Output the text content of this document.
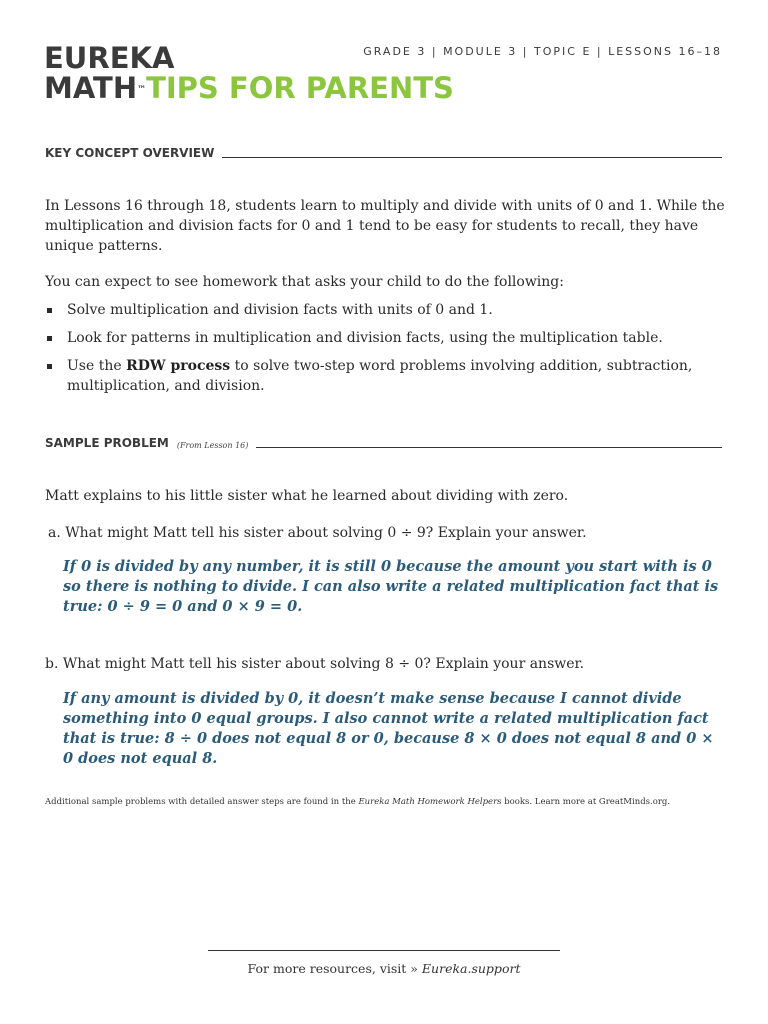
EUREKA
MATH™TIPS FOR PARENTS
GRADE 3 | MODULE 3 | TOPIC E | LESSONS 16–18
KEY CONCEPT OVERVIEW

In Lessons 16 through 18, students learn to multiply and divide with units of 0 and 1. While the multiplication and division facts for 0 and 1 tend to be easy for students to recall, they have unique patterns.

You can expect to see homework that asks your child to do the following:

Solve multiplication and division facts with units of 0 and 1.
Look for patterns in multiplication and division facts, using the multiplication table.
Use the RDW process to solve two-step word problems involving addition, subtraction, multiplication, and division.
SAMPLE PROBLEM (From Lesson 16)

Matt explains to his little sister what he learned about dividing with zero.

a. What might Matt tell his sister about solving 0 ÷ 9? Explain your answer.

If 0 is divided by any number, it is still 0 because the amount you start with is 0 so there is nothing to divide. I can also write a related multiplication fact that is true: 0 ÷ 9 = 0 and 0 × 9 = 0.

b. What might Matt tell his sister about solving 8 ÷ 0? Explain your answer.

If any amount is divided by 0, it doesn’t make sense because I cannot divide something into 0 equal groups. I also cannot write a related multiplication fact that is true: 8 ÷ 0 does not equal 8 or 0, because 8 × 0 does not equal 8 and 0 × 0 does not equal 8.

Additional sample problems with detailed answer steps are found in the Eureka Math Homework Helpers books. Learn more at GreatMinds.org.

For more resources, visit » Eureka.support
